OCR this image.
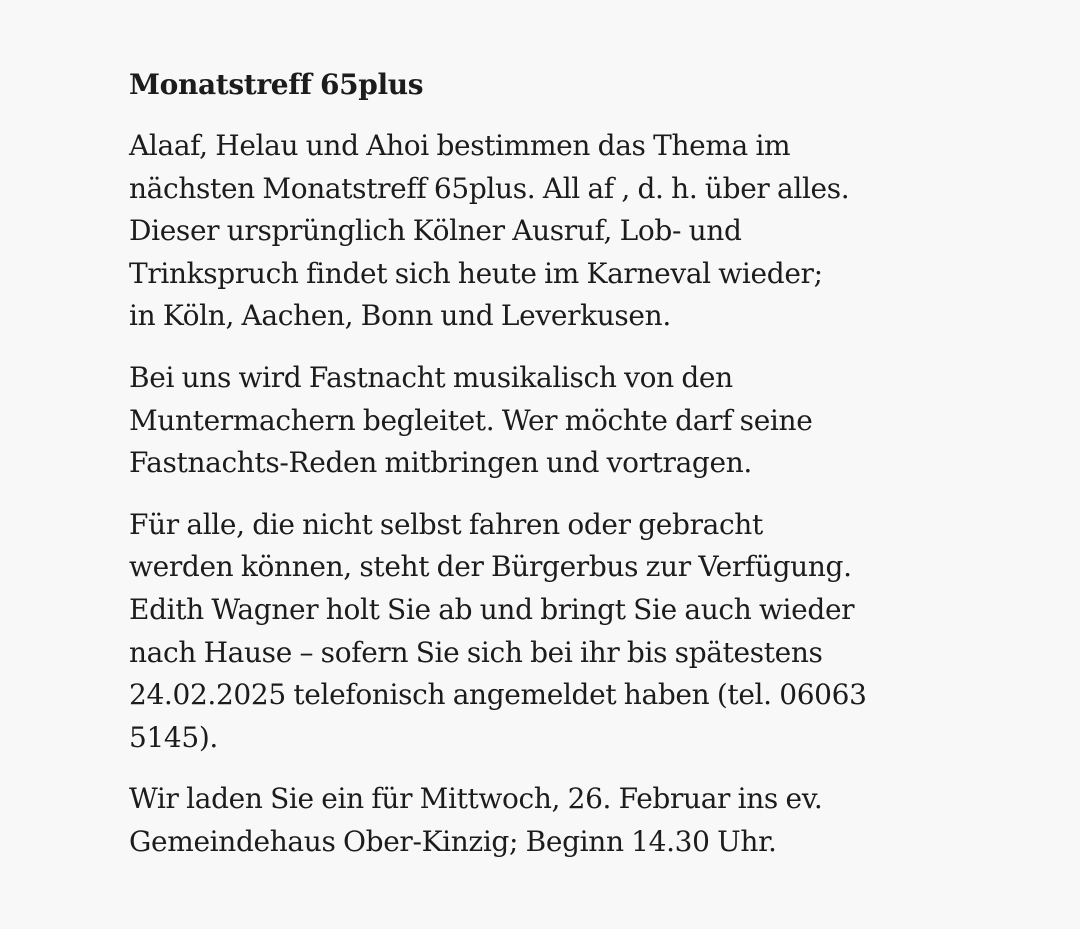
Monatstreff 65plus
Alaaf, Helau und Ahoi bestimmen das Thema im
nächsten Monatstreff 65plus. All af , d. h. über alles.
Dieser ursprünglich Kölner Ausruf, Lob- und
Trinkspruch findet sich heute im Karneval wieder;
in Köln, Aachen, Bonn und Leverkusen.
Bei uns wird Fastnacht musikalisch von den
Muntermachern begleitet. Wer möchte darf seine
Fastnachts-Reden mitbringen und vortragen.
Für alle, die nicht selbst fahren oder gebracht
werden können, steht der Bürgerbus zur Verfügung.
Edith Wagner holt Sie ab und bringt Sie auch wieder
nach Hause – sofern Sie sich bei ihr bis spätestens
24.02.2025 telefonisch angemeldet haben (tel. 06063
5145).
Wir laden Sie ein für Mittwoch, 26. Februar ins ev.
Gemeindehaus Ober-Kinzig; Beginn 14.30 Uhr.
